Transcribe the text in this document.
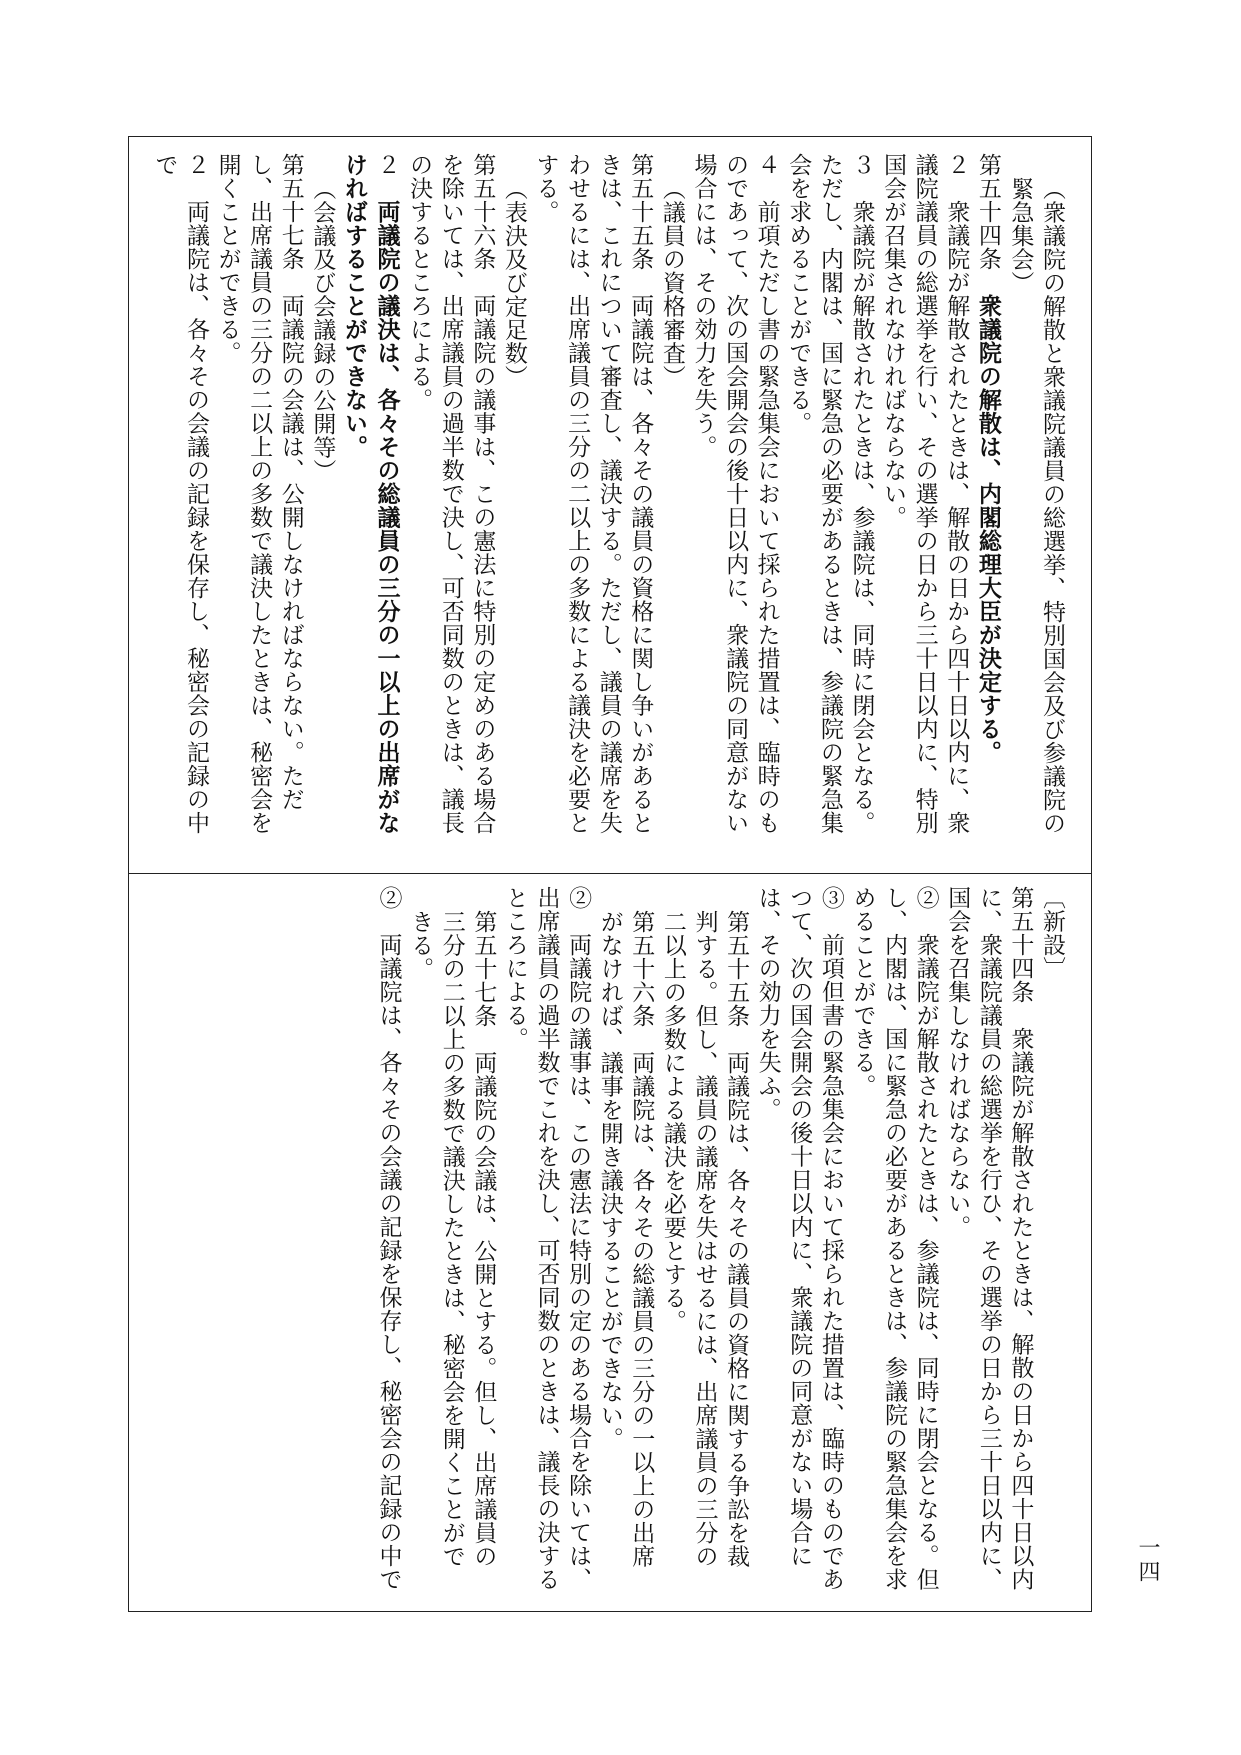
（衆議院の解散と衆議院議員の総選挙、特別国会及び参議院の緊急集会）
第五十四条　衆議院の解散は、内閣総理大臣が決定する。
２　衆議院が解散されたときは、解散の日から四十日以内に、衆議院議員の総選挙を行い、その選挙の日から三十日以内に、特別国会が召集されなければならない。
３　衆議院が解散されたときは、参議院は、同時に閉会となる。ただし、内閣は、国に緊急の必要があるときは、参議院の緊急集会を求めることができる。
４　前項ただし書の緊急集会において採られた措置は、臨時のものであって、次の国会開会の後十日以内に、衆議院の同意がない場合には、その効力を失う。
（議員の資格審査）
第五十五条　両議院は、各々その議員の資格に関し争いがあるときは、これについて審査し、議決する。ただし、議員の議席を失わせるには、出席議員の三分の二以上の多数による議決を必要とする。
（表決及び定足数）
第五十六条　両議院の議事は、この憲法に特別の定めのある場合を除いては、出席議員の過半数で決し、可否同数のときは、議長の決するところによる。
２　両議院の議決は、各々その総議員の三分の一以上の出席がなければすることができない。
（会議及び会議録の公開等）
第五十七条　両議院の会議は、公開しなければならない。ただし、出席議員の三分の二以上の多数で議決したときは、秘密会を開くことができる。
２　両議院は、各々その会議の記録を保存し、秘密会の記録の中で
〔新設〕
第五十四条　衆議院が解散されたときは、解散の日から四十日以内に、衆議院議員の総選挙を行ひ、その選挙の日から三十日以内に、国会を召集しなければならない。
②　衆議院が解散されたときは、参議院は、同時に閉会となる。但し、内閣は、国に緊急の必要があるときは、参議院の緊急集会を求めることができる。
③　前項但書の緊急集会において採られた措置は、臨時のものであつて、次の国会開会の後十日以内に、衆議院の同意がない場合には、その効力を失ふ。
第五十五条　両議院は、各々その議員の資格に関する争訟を裁判する。但し、議員の議席を失はせるには、出席議員の三分の二以上の多数による議決を必要とする。
第五十六条　両議院は、各々その総議員の三分の一以上の出席がなければ、議事を開き議決することができない。
②　両議院の議事は、この憲法に特別の定のある場合を除いては、出席議員の過半数でこれを決し、可否同数のときは、議長の決するところによる。
第五十七条　両議院の会議は、公開とする。但し、出席議員の三分の二以上の多数で議決したときは、秘密会を開くことができる。
②　両議院は、各々その会議の記録を保存し、秘密会の記録の中で	一四
